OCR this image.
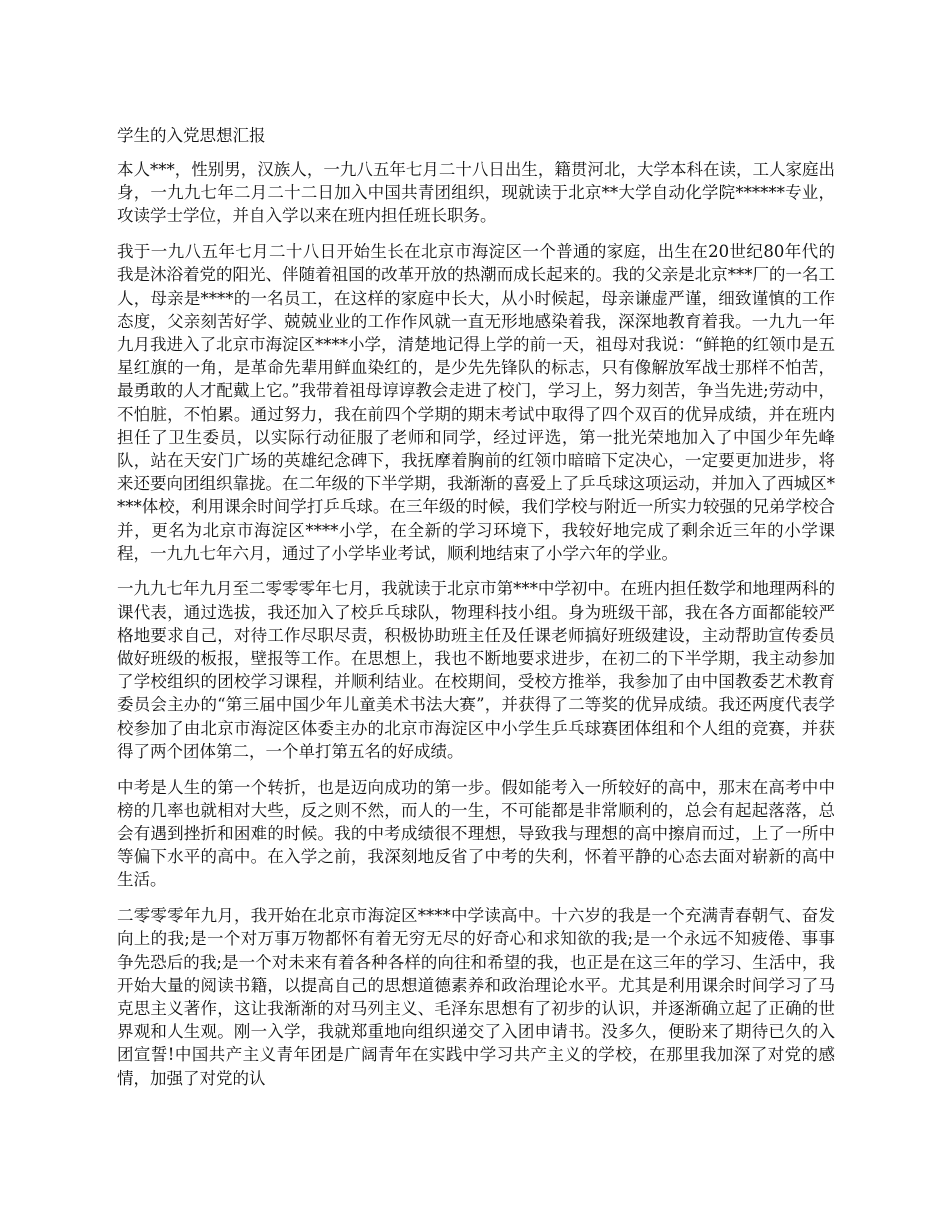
学生的入党思想汇报

本人***，性别男，汉族人，一九八五年七月二十八日出生，籍贯河北，大学本科在读，工人家庭出身，一九九七年二月二十二日加入中国共青团组织，现就读于北京**大学自动化学院******专业，攻读学士学位，并自入学以来在班内担任班长职务。

我于一九八五年七月二十八日开始生长在北京市海淀区一个普通的家庭，出生在20世纪80年代的我是沐浴着党的阳光、伴随着祖国的改革开放的热潮而成长起来的。我的父亲是北京***厂的一名工人，母亲是****的一名员工，在这样的家庭中长大，从小时候起，母亲谦虚严谨，细致谨慎的工作态度，父亲刻苦好学、兢兢业业的工作作风就一直无形地感染着我，深深地教育着我。一九九一年九月我进入了北京市海淀区****小学，清楚地记得上学的前一天，祖母对我说：“鲜艳的红领巾是五星红旗的一角，是革命先辈用鲜血染红的，是少先先锋队的标志，只有像解放军战士那样不怕苦，最勇敢的人才配戴上它。”我带着祖母谆谆教会走进了校门，学习上，努力刻苦，争当先进;劳动中，不怕脏，不怕累。通过努力，我在前四个学期的期末考试中取得了四个双百的优异成绩，并在班内担任了卫生委员，以实际行动征服了老师和同学，经过评选，第一批光荣地加入了中国少年先峰队，站在天安门广场的英雄纪念碑下，我抚摩着胸前的红领巾暗暗下定决心，一定要更加进步，将来还要向团组织靠拢。在二年级的下半学期，我渐渐的喜爱上了乒乓球这项运动，并加入了西城区****体校，利用课余时间学打乒乓球。在三年级的时候，我们学校与附近一所实力较强的兄弟学校合并，更名为北京市海淀区****小学，在全新的学习环境下，我较好地完成了剩余近三年的小学课程，一九九七年六月，通过了小学毕业考试，顺利地结束了小学六年的学业。

一九九七年九月至二零零零年七月，我就读于北京市第***中学初中。在班内担任数学和地理两科的课代表，通过选拔，我还加入了校乒乓球队，物理科技小组。身为班级干部，我在各方面都能较严格地要求自己，对待工作尽职尽责，积极协助班主任及任课老师搞好班级建设，主动帮助宣传委员做好班级的板报，壁报等工作。在思想上，我也不断地要求进步，在初二的下半学期，我主动参加了学校组织的团校学习课程，并顺利结业。在校期间，受校方推举，我参加了由中国教委艺术教育委员会主办的“第三届中国少年儿童美术书法大赛”，并获得了二等奖的优异成绩。我还两度代表学校参加了由北京市海淀区体委主办的北京市海淀区中小学生乒乓球赛团体组和个人组的竞赛，并获得了两个团体第二，一个单打第五名的好成绩。

中考是人生的第一个转折，也是迈向成功的第一步。假如能考入一所较好的高中，那末在高考中中榜的几率也就相对大些，反之则不然，而人的一生，不可能都是非常顺利的，总会有起起落落，总会有遇到挫折和困难的时候。我的中考成绩很不理想，导致我与理想的高中擦肩而过，上了一所中等偏下水平的高中。在入学之前，我深刻地反省了中考的失利，怀着平静的心态去面对崭新的高中生活。

二零零零年九月，我开始在北京市海淀区****中学读高中。十六岁的我是一个充满青春朝气、奋发向上的我;是一个对万事万物都怀有着无穷无尽的好奇心和求知欲的我;是一个永远不知疲倦、事事争先恐后的我;是一个对未来有着各种各样的向往和希望的我，也正是在这三年的学习、生活中，我开始大量的阅读书籍，以提高自己的思想道德素养和政治理论水平。尤其是利用课余时间学习了马克思主义著作，这让我渐渐的对马列主义、毛泽东思想有了初步的认识，并逐渐确立起了正确的世界观和人生观。刚一入学，我就郑重地向组织递交了入团申请书。没多久，便盼来了期待已久的入团宣誓!中国共产主义青年团是广阔青年在实践中学习共产主义的学校，在那里我加深了对党的感情，加强了对党的认
